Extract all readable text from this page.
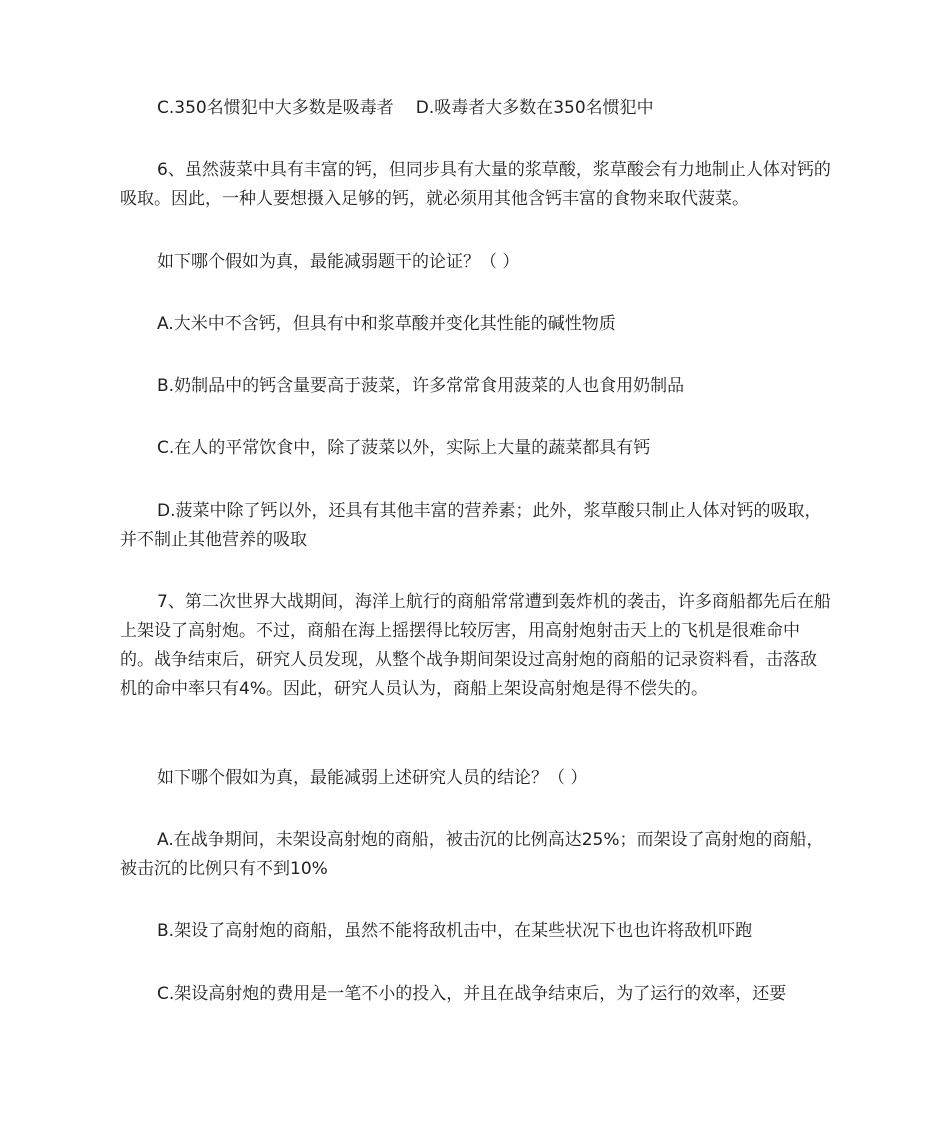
C.350名惯犯中大多数是吸毒者 D.吸毒者大多数在350名惯犯中

6、虽然菠菜中具有丰富的钙，但同步具有大量的浆草酸，浆草酸会有力地制止人体对钙的吸取。因此，一种人要想摄入足够的钙，就必须用其他含钙丰富的食物来取代菠菜。

如下哪个假如为真，最能减弱题干的论证？（ ）

A.大米中不含钙，但具有中和浆草酸并变化其性能的碱性物质

B.奶制品中的钙含量要高于菠菜，许多常常食用菠菜的人也食用奶制品

C.在人的平常饮食中，除了菠菜以外，实际上大量的蔬菜都具有钙

D.菠菜中除了钙以外，还具有其他丰富的营养素；此外，浆草酸只制止人体对钙的吸取，并不制止其他营养的吸取

7、第二次世界大战期间，海洋上航行的商船常常遭到轰炸机的袭击，许多商船都先后在船上架设了高射炮。不过，商船在海上摇摆得比较厉害，用高射炮射击天上的飞机是很难命中的。战争结束后，研究人员发现，从整个战争期间架设过高射炮的商船的记录资料看，击落敌机的命中率只有4%。因此，研究人员认为，商船上架设高射炮是得不偿失的。

如下哪个假如为真，最能减弱上述研究人员的结论？（ ）

A.在战争期间，未架设高射炮的商船，被击沉的比例高达25%；而架设了高射炮的商船，被击沉的比例只有不到10%

B.架设了高射炮的商船，虽然不能将敌机击中，在某些状况下也也许将敌机吓跑

C.架设高射炮的费用是一笔不小的投入，并且在战争结束后，为了运行的效率，还要
